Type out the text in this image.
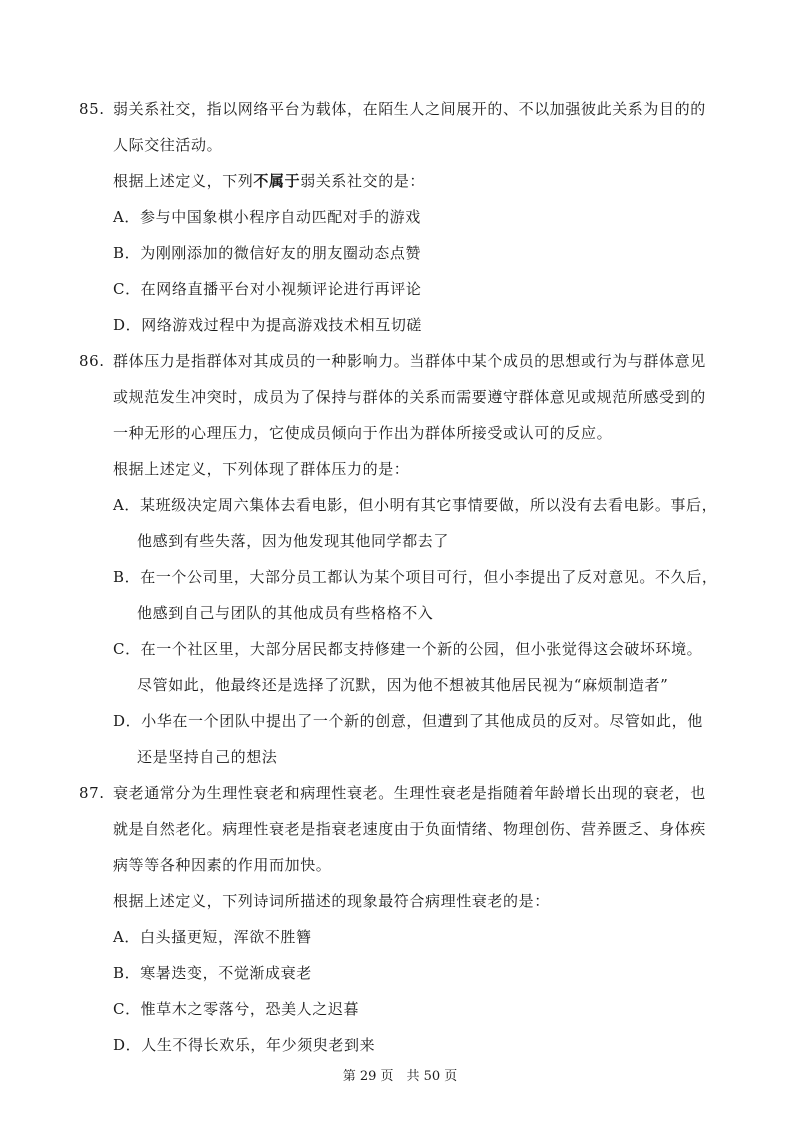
85. 弱关系社交，指以网络平台为载体，在陌生人之间展开的、不以加强彼此关系为目的的
人际交往活动。
根据上述定义，下列不属于弱关系社交的是：
A．参与中国象棋小程序自动匹配对手的游戏
B．为刚刚添加的微信好友的朋友圈动态点赞
C．在网络直播平台对小视频评论进行再评论
D．网络游戏过程中为提高游戏技术相互切磋
86. 群体压力是指群体对其成员的一种影响力。当群体中某个成员的思想或行为与群体意见
或规范发生冲突时，成员为了保持与群体的关系而需要遵守群体意见或规范所感受到的
一种无形的心理压力，它使成员倾向于作出为群体所接受或认可的反应。
根据上述定义，下列体现了群体压力的是：
A．某班级决定周六集体去看电影，但小明有其它事情要做，所以没有去看电影。事后，
他感到有些失落，因为他发现其他同学都去了
B．在一个公司里，大部分员工都认为某个项目可行，但小李提出了反对意见。不久后，
他感到自己与团队的其他成员有些格格不入
C．在一个社区里，大部分居民都支持修建一个新的公园，但小张觉得这会破坏环境。
尽管如此，他最终还是选择了沉默，因为他不想被其他居民视为“麻烦制造者”
D．小华在一个团队中提出了一个新的创意，但遭到了其他成员的反对。尽管如此，他
还是坚持自己的想法
87. 衰老通常分为生理性衰老和病理性衰老。生理性衰老是指随着年龄增长出现的衰老，也
就是自然老化。病理性衰老是指衰老速度由于负面情绪、物理创伤、营养匮乏、身体疾
病等等各种因素的作用而加快。
根据上述定义，下列诗词所描述的现象最符合病理性衰老的是：
A．白头搔更短，浑欲不胜簪
B．寒暑迭变，不觉渐成衰老
C．惟草木之零落兮，恐美人之迟暮
D．人生不得长欢乐，年少须臾老到来
第 29 页　共 50 页
